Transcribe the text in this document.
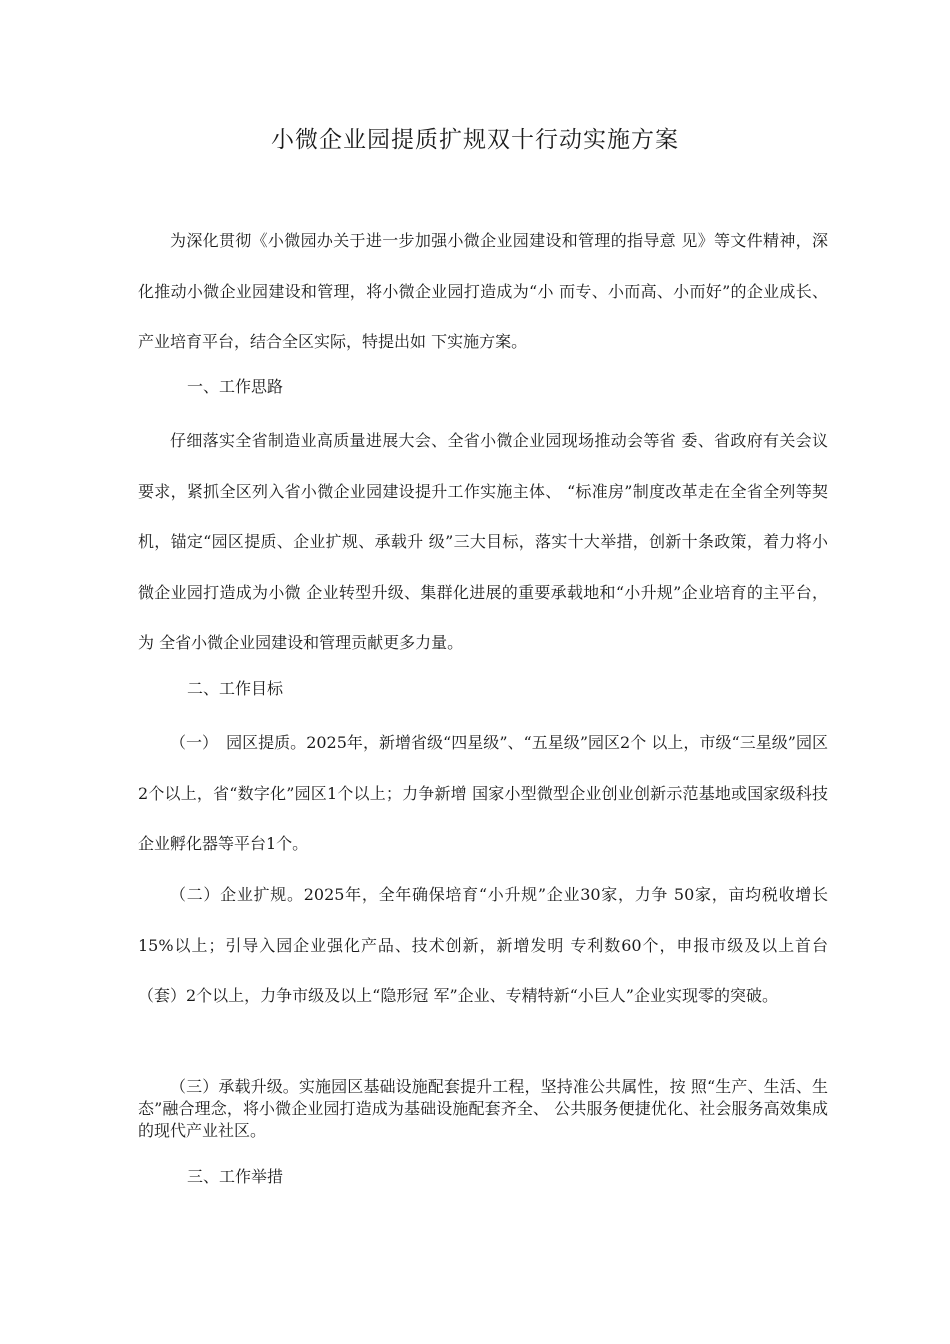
小微企业园提质扩规双十行动实施方案

为深化贯彻《小微园办关于进一步加强小微企业园建设和管理的指导意 见》等文件精神，深化推动小微企业园建设和管理，将小微企业园打造成为“小 而专、小而高、小而好”的企业成长、产业培育平台，结合全区实际，特提出如 下实施方案。

一、工作思路

仔细落实全省制造业高质量进展大会、全省小微企业园现场推动会等省 委、省政府有关会议要求，紧抓全区列入省小微企业园建设提升工作实施主体、 “标准房”制度改革走在全省全列等契机，锚定“园区提质、企业扩规、承载升 级”三大目标，落实十大举措，创新十条政策，着力将小微企业园打造成为小微 企业转型升级、集群化进展的重要承载地和“小升规”企业培育的主平台，为 全省小微企业园建设和管理贡献更多力量。

二、工作目标

（一）　园区提质。2025年，新增省级“四星级”、“五星级”园区2个 以上，市级“三星级”园区2个以上，省“数字化”园区1个以上；力争新增 国家小型微型企业创业创新示范基地或国家级科技企业孵化器等平台1个。

（二）企业扩规。2025年，全年确保培育“小升规”企业30家，力争 50家，亩均税收增长15%以上；引导入园企业强化产品、技术创新，新增发明 专利数60个，申报市级及以上首台（套）2个以上，力争市级及以上“隐形冠 军”企业、专精特新“小巨人”企业实现零的突破。

（三）承载升级。实施园区基础设施配套提升工程，坚持准公共属性，按 照“生产、生活、生态”融合理念，将小微企业园打造成为基础设施配套齐全、 公共服务便捷优化、社会服务高效集成的现代产业社区。

三、工作举措
